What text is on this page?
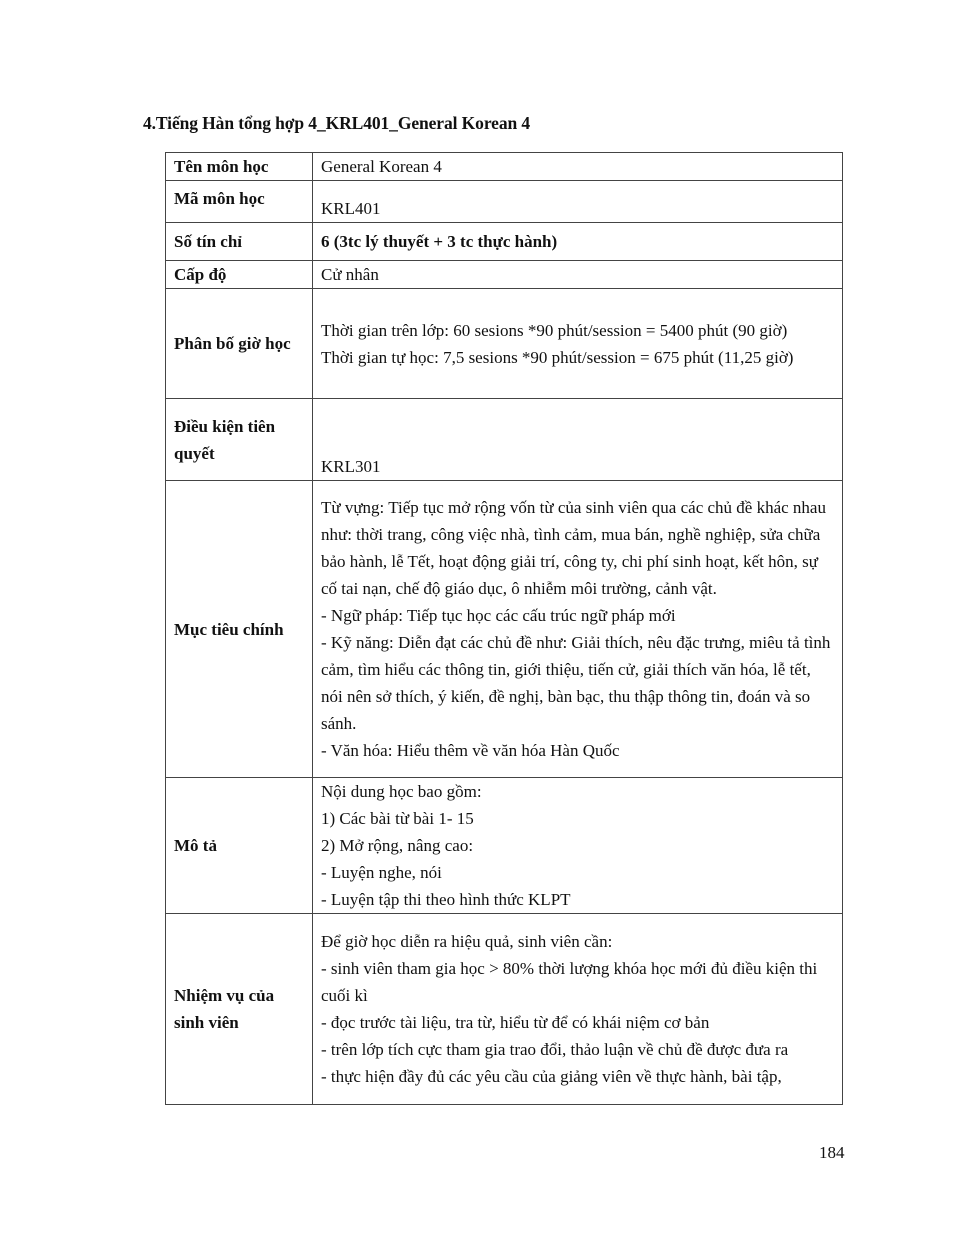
4.Tiếng Hàn tổng hợp 4_KRL401_General Korean 4
Tên môn học	General Korean 4

Mã môn học	KRL401

Số tín chỉ	6 (3tc lý thuyết + 3 tc thực hành)

Cấp độ	Cử nhân

Phân bố giờ học	Thời gian trên lớp: 60 sesions *90 phút/session = 5400 phút (90 giờ)
Thời gian tự học: 7,5 sesions *90 phút/session = 675 phút (11,25 giờ)

Điều kiện tiên quyết	KRL301

Mục tiêu chính	Từ vựng: Tiếp tục mở rộng vốn từ của sinh viên qua các chủ đề khác nhau như: thời trang, công việc nhà, tình cảm, mua bán, nghề nghiệp, sửa chữa bảo hành, lễ Tết, hoạt động giải trí, công ty, chi phí sinh hoạt, kết hôn, sự cố tai nạn, chế độ giáo dục, ô nhiễm môi trường, cảnh vật.
- Ngữ pháp: Tiếp tục học các cấu trúc ngữ pháp mới
- Kỹ năng: Diễn đạt các chủ đề như: Giải thích, nêu đặc trưng, miêu tả tình cảm, tìm hiểu các thông tin, giới thiệu, tiến cử, giải thích văn hóa, lễ tết, nói nên sở thích, ý kiến, đề nghị, bàn bạc, thu thập thông tin, đoán và so sánh.
- Văn hóa: Hiểu thêm về văn hóa Hàn Quốc

Mô tả	Nội dung học bao gồm:
1) Các bài từ bài 1- 15
2) Mở rộng, nâng cao:
- Luyện nghe, nói
- Luyện tập thi theo hình thức KLPT

Nhiệm vụ của sinh viên	Để giờ học diễn ra hiệu quả, sinh viên cần:
- sinh viên tham gia học > 80% thời lượng khóa học mới đủ điều kiện thi cuối kì
- đọc trước tài liệu, tra từ, hiểu từ để có khái niệm cơ bản
- trên lớp tích cực tham gia trao đổi, thảo luận về chủ đề được đưa ra
- thực hiện đầy đủ các yêu cầu của giảng viên về thực hành, bài tập,
184
